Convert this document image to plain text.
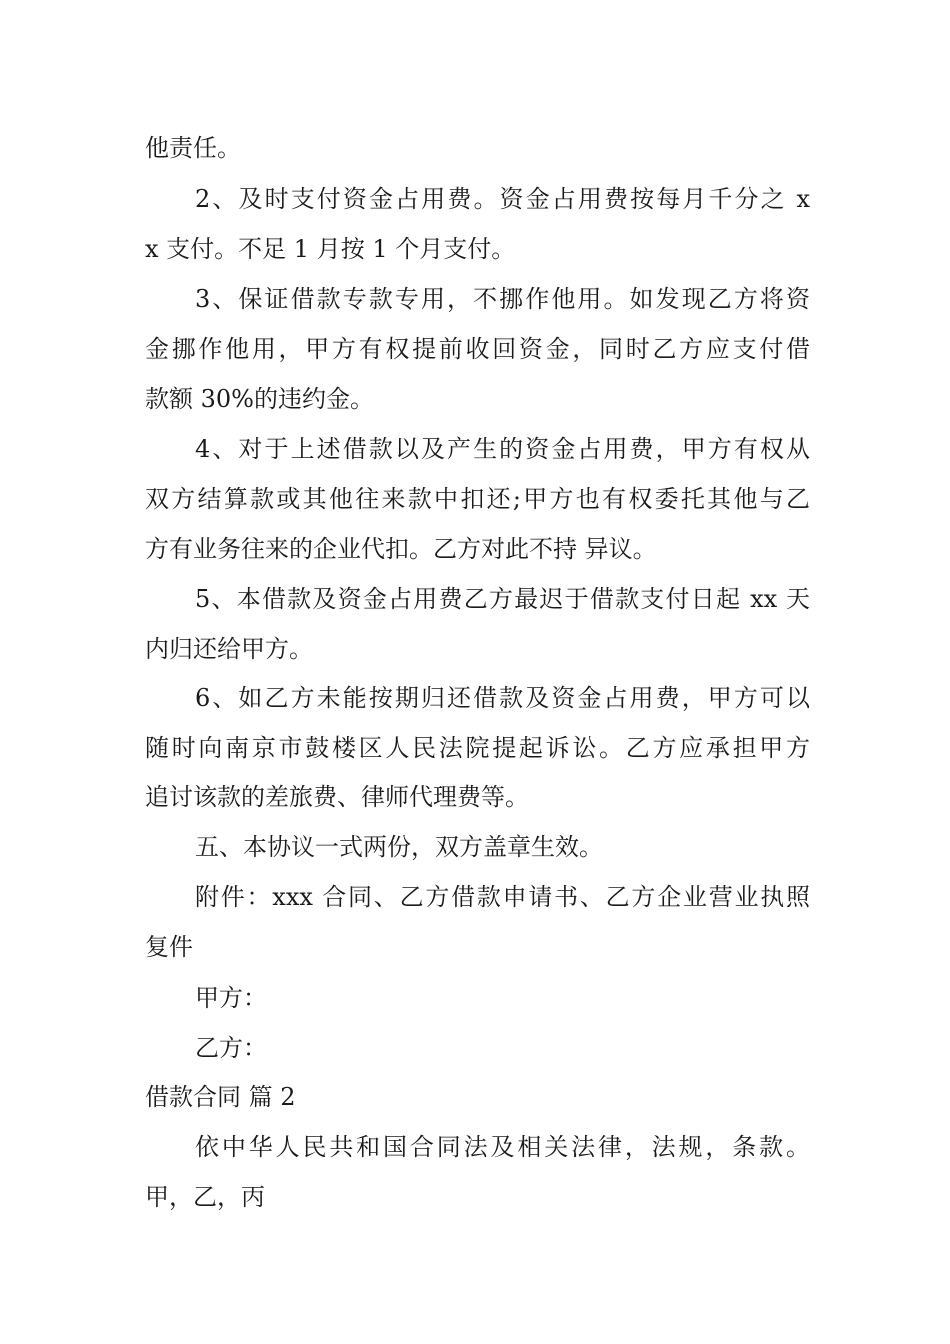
他责任。
2、及时支付资金占用费。资金占用费按每月千分之 x
x 支付。不足 1 月按 1 个月支付。
3、保证借款专款专用，不挪作他用。如发现乙方将资
金挪作他用，甲方有权提前收回资金，同时乙方应支付借
款额 30%的违约金。
4、对于上述借款以及产生的资金占用费，甲方有权从
双方结算款或其他往来款中扣还;甲方也有权委托其他与乙
方有业务往来的企业代扣。乙方对此不持 异议。
5、本借款及资金占用费乙方最迟于借款支付日起 xx 天
内归还给甲方。
6、如乙方未能按期归还借款及资金占用费，甲方可以
随时向南京市鼓楼区人民法院提起诉讼。乙方应承担甲方
追讨该款的差旅费、律师代理费等。
五、本协议一式两份，双方盖章生效。
附件：xxx 合同、乙方借款申请书、乙方企业营业执照
复件
甲方：
乙方：
借款合同 篇 2
依中华人民共和国合同法及相关法律，法规，条款。
甲，乙，丙
